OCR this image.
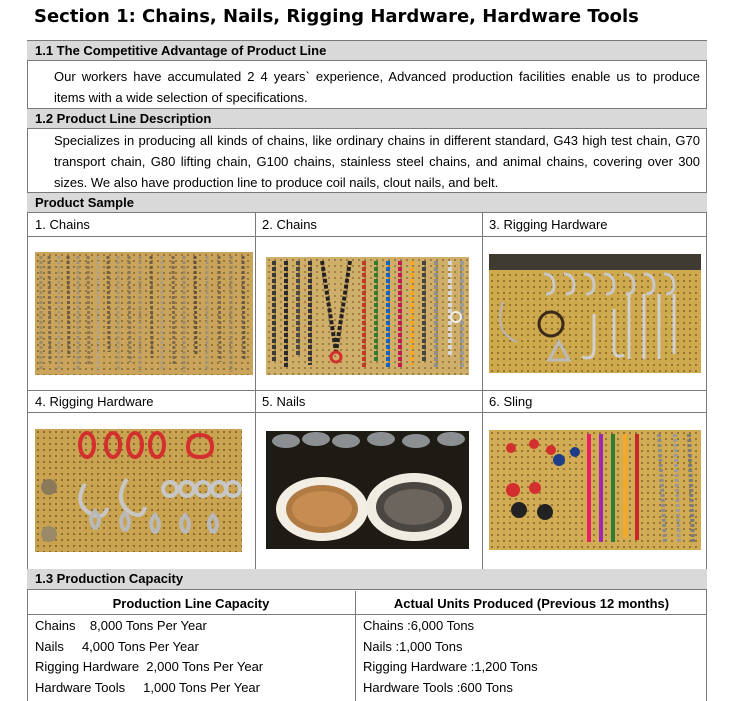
Section 1: Chains, Nails, Rigging Hardware, Hardware Tools
1.1 The Competitive Advantage of Product Line
Our workers have accumulated 2 4 years` experience, Advanced production facilities enable us to produce items with a wide selection of specifications.
1.2 Product Line Description
Specializes in producing all kinds of chains, like ordinary chains in different standard, G43 high test chain, G70 transport chain, G80 lifting chain, G100 chains, stainless steel chains, and animal chains, covering over 300 sizes. We also have production line to produce coil nails, clout nails, and belt.
Product Sample
1. Chains	2. Chains	3. Rigging Hardware
4. Rigging Hardware	5. Nails	6. Sling
1.3 Production Capacity
Production Line Capacity	Actual Units Produced (Previous 12 months)
Chains    8,000 Tons Per Year	Chains :6,000 Tons
Nails     4,000 Tons Per Year	Nails :1,000 Tons
Rigging Hardware  2,000 Tons Per Year	Rigging Hardware :1,200 Tons
Hardware Tools     1,000 Tons Per Year	Hardware Tools :600 Tons
